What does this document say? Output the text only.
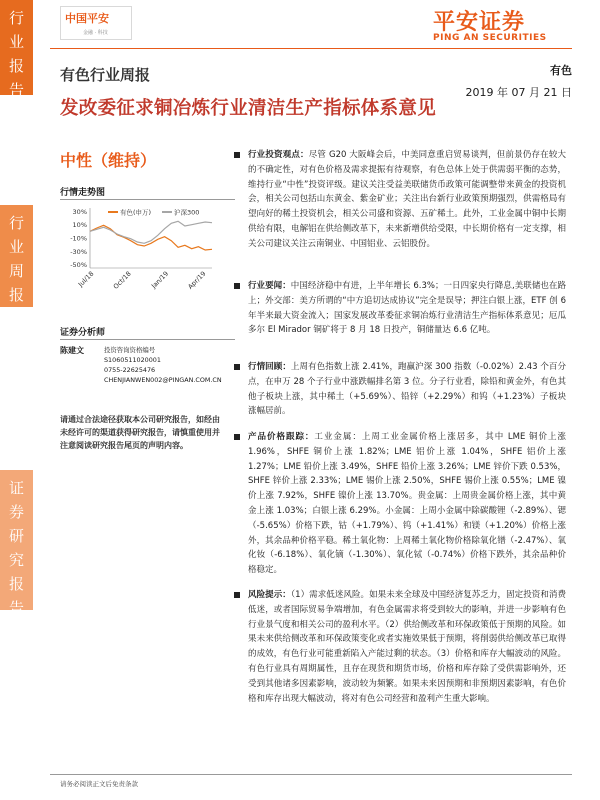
行
业
报
告
行
业
周
报
证
券
研
究
报
告
中国平安
金融 · 科技	平安证券
PING AN SECURITIES
有色
2019 年 07 月 21 日
有色行业周报
发改委征求铜冶炼行业清洁生产指标体系意见
中性（维持）
行情走势图
30%
10%
-10%
-30%
-50%
Jul/18	Oct/18	Jan/19	Apr/19
有色(申万)	沪深300
证券分析师
陈建文	投资咨询资格编号
S1060511020001
0755-22625476
CHENJIANWEN002@PINGAN.COM.CN
请通过合法途径获取本公司研究报告，如经由未经许可的渠道获得研究报告，请慎重使用并注意阅读研究报告尾页的声明内容。
行业投资观点：尽管 G20 大阪峰会后，中美同意重启贸易谈判，但前景仍存在较大的不确定性，对有色价格及需求提振有待观察，有色总体上处于供需弱平衡的态势，维持行业“中性”投资评级。建议关注受益美联储货币政策可能调整带来黄金的投资机会，相关公司包括山东黄金、紫金矿业；关注出台新行业政策预期强烈，供需格局有望向好的稀土投资机会，相关公司盛和资源、五矿稀土。此外，工业金属中铜中长期供给有限，电解铝在供给侧改革下，未来新增供给受限，中长期价格有一定支撑，相关公司建议关注云南铜业、中国铝业、云铝股份。
行业要闻：中国经济稳中有进，上半年增长 6.3%；一日四家央行降息,美联储也在路上；外交部：美方所谓的“中方追切达成协议”完全是误导；押注白银上涨，ETF 创 6 年半来最大资金流入；国家发展改革委征求铜冶炼行业清洁生产指标体系意见；厄瓜多尔 El Mirador 铜矿将于 8 月 18 日投产，铜储量达 6.6 亿吨。
行情回顾：上周有色指数上涨 2.41%，跑赢沪深 300 指数（-0.02%）2.43 个百分点，在申万 28 个子行业中涨跌幅排名第 3 位。分子行业看，除铅和黄金外，有色其他子板块上涨，其中稀土（+5.69%）、铅锌（+2.29%）和钨（+1.23%）子板块涨幅居前。
产品价格跟踪：工业金属：上周工业金属价格上涨居多，其中 LME 铜价上涨 1.96%，SHFE 铜价上涨 1.82%；LME 铝价上涨 1.04%，SHFE 铝价上涨 1.27%；LME 铅价上涨 3.49%，SHFE 铅价上涨 3.26%；LME 锌价下跌 0.53%，SHFE 锌价上涨 2.33%；LME 锡价上涨 2.50%，SHFE 锡价上涨 0.55%；LME 镍价上涨 7.92%，SHFE 镍价上涨 13.70%。贵金属：上周贵金属价格上涨，其中黄金上涨 1.03%；白银上涨 6.29%。小金属：上周小金属中除碳酸锂（-2.89%）、锶（-5.65%）价格下跌，钴（+1.79%）、钨（+1.41%）和镁（+1.20%）价格上涨外，其余品种价格平稳。稀土氧化物：上周稀土氧化物价格除氧化镨（-2.47%）、氧化钕（-6.18%）、氧化镝（-1.30%）、氧化铽（-0.74%）价格下跌外，其余品种价格稳定。
风险提示：（1）需求低迷风险。如果未来全球及中国经济复苏乏力，固定投资和消费低迷，或者国际贸易争端增加，有色金属需求将受到较大的影响，并进一步影响有色行业景气度和相关公司的盈利水平。（2）供给侧改革和环保政策低于预期的风险。如果未来供给侧改革和环保政策变化或者实施效果低于预期，将削弱供给侧改革已取得的成效，有色行业可能重新陷入产能过剩的状态。（3）价格和库存大幅波动的风险。有色行业具有周期属性，且存在现货和期货市场，价格和库存除了受供需影响外，还受到其他诸多因素影响，波动较为频繁。如果未来因预期和非预期因素影响，有色价格和库存出现大幅波动，将对有色公司经营和盈利产生重大影响。
请务必阅读正文后免责条款
